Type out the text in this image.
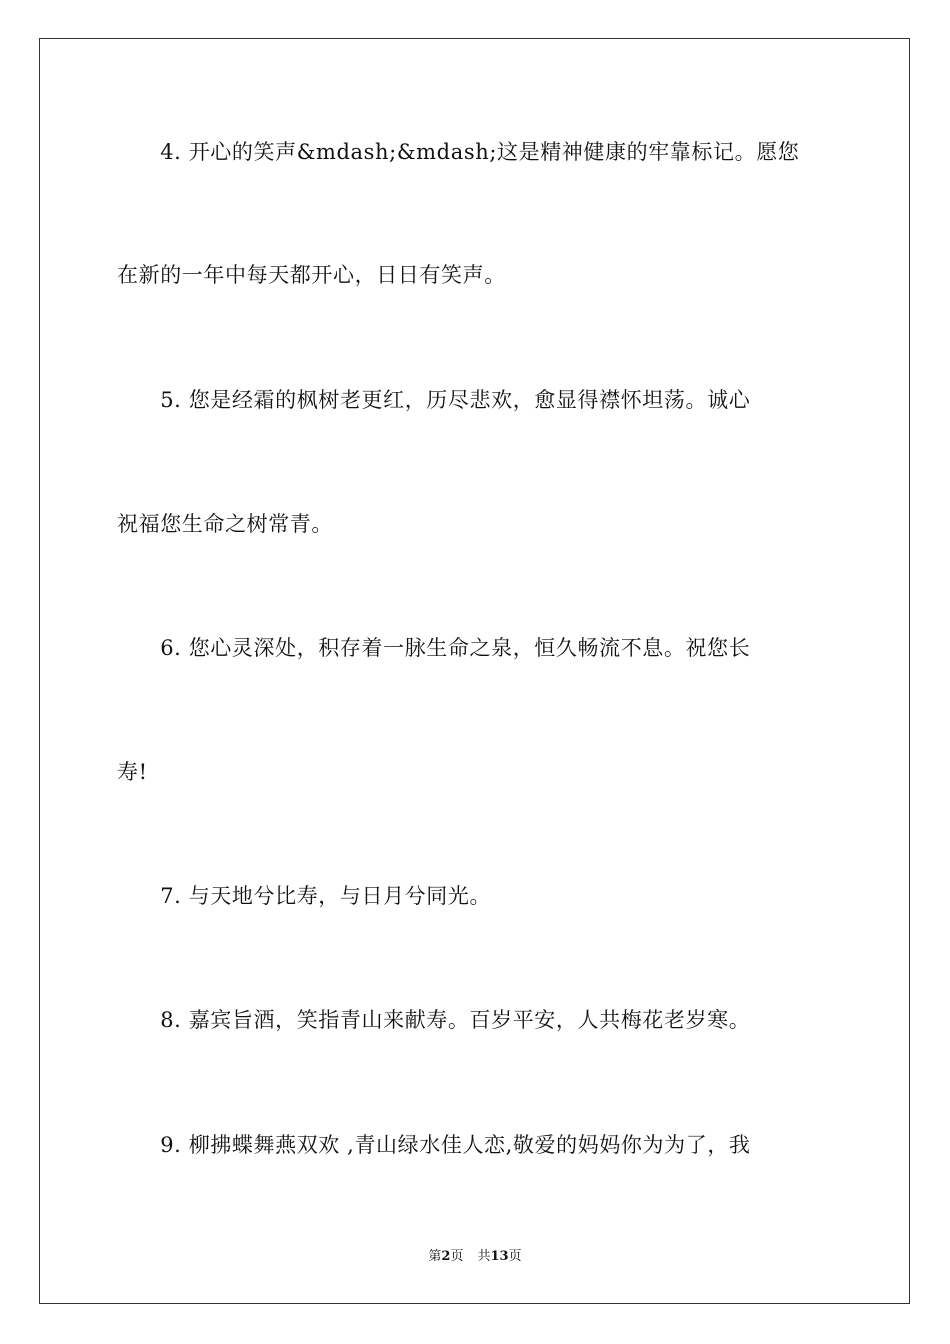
　　4. 开心的笑声&mdash;&mdash;这是精神健康的牢靠标记。愿您
在新的一年中每天都开心，日日有笑声。
　　5. 您是经霜的枫树老更红，历尽悲欢，愈显得襟怀坦荡。诚心
祝福您生命之树常青。
　　6. 您心灵深处，积存着一脉生命之泉，恒久畅流不息。祝您长
寿!
　　7. 与天地兮比寿，与日月兮同光。
　　8. 嘉宾旨酒，笑指青山来献寿。百岁平安，人共梅花老岁寒。
　　9. 柳拂蝶舞燕双欢 ,青山绿水佳人恋,敬爱的妈妈你为为了，我
第2页 共13页
